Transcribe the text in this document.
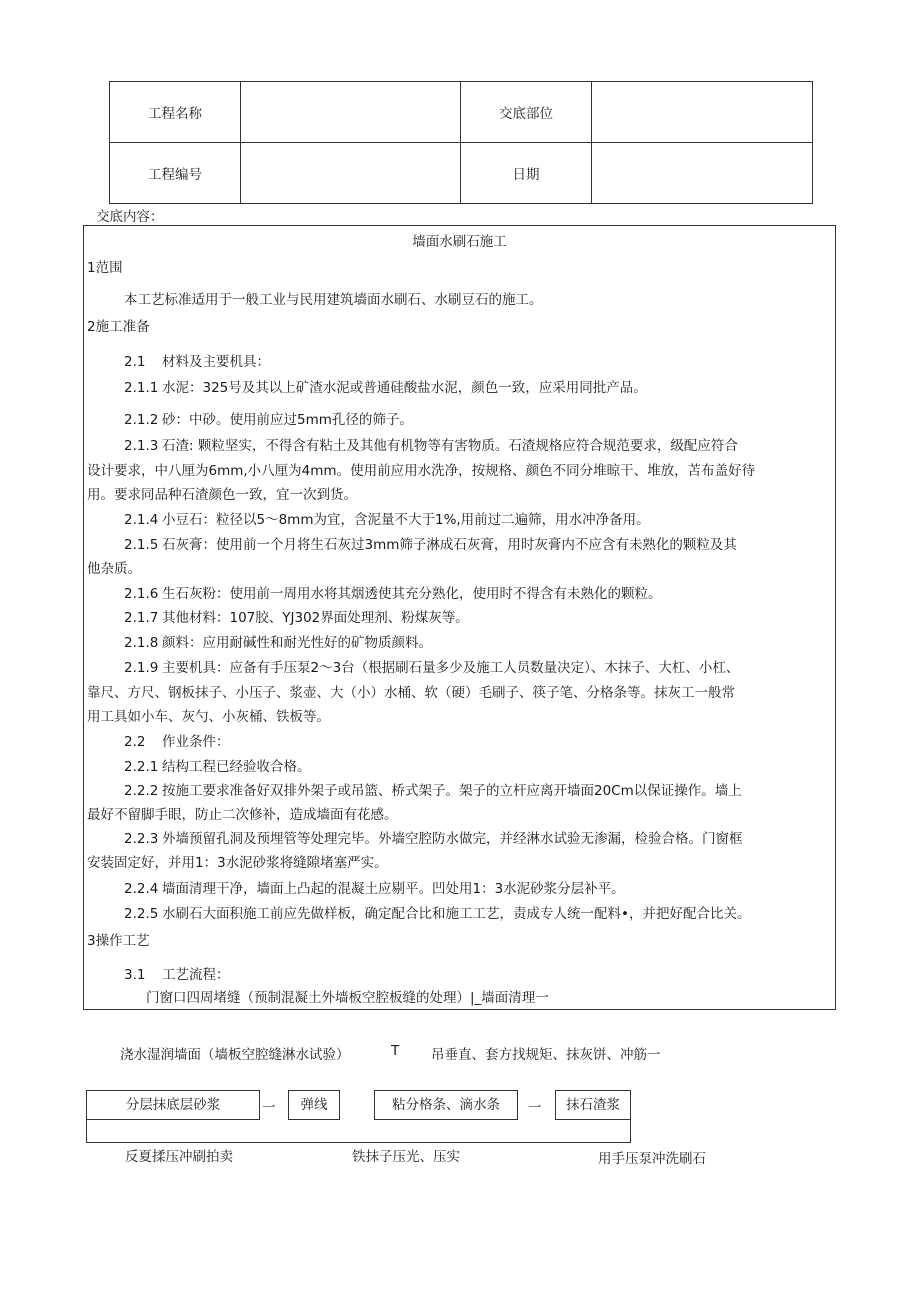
工程名称		交底部位	
工程编号		日期	
交底内容：
墙面水刷石施工
1范围
本工艺标准适用于一般工业与民用建筑墙面水刷石、水刷豆石的施工。
2施工准备
2.1 材料及主要机具：
2.1.1 水泥：325号及其以上矿渣水泥或普通硅酸盐水泥，颜色一致，应采用同批产品。
2.1.2 砂：中砂。使用前应过5mm孔径的筛子。
2.1.3 石渣: 颗粒坚实，不得含有粘土及其他有机物等有害物质。石渣规格应符合规范要求，级配应符合
设计要求，中八厘为6mm,小八厘为4mm。使用前应用水洗净，按规格、颜色不同分堆晾干、堆放，苫布盖好待
用。要求同品种石渣颜色一致，宜一次到货。
2.1.4 小豆石：粒径以5～8mm为宜，含泥量不大于1%,用前过二遍筛，用水冲净备用。
2.1.5 石灰膏：使用前一个月将生石灰过3mm筛子淋成石灰膏，用时灰膏内不应含有未熟化的颗粒及其
他杂质。
2.1.6 生石灰粉：使用前一周用水将其烟透使其充分熟化，使用时不得含有未熟化的颗粒。
2.1.7 其他材料：107胶、YJ302界面处理剂、粉煤灰等。
2.1.8 颜料：应用耐碱性和耐光性好的矿物质颜料。
2.1.9 主要机具：应备有手压泵2～3台（根据刷石量多少及施工人员数量决定）、木抹子、大杠、小杠、
靠尺、方尺、钢板抹子、小压子、浆壶、大（小）水桶、软（硬）毛刷子、筷子笔、分格条等。抹灰工一般常
用工具如小车、灰勺、小灰桶、铁板等。
2.2 作业条件：
2.2.1 结构工程已经验收合格。
2.2.2 按施工要求准备好双排外架子或吊篮、桥式架子。架子的立杆应离开墙面20Cm以保证操作。墙上
最好不留脚手眼，防止二次修补，造成墙面有花感。
2.2.3 外墙预留孔洞及预埋管等处理完毕。外墙空腔防水做完，并经淋水试验无渗漏，检验合格。门窗框
安装固定好，并用1：3水泥砂浆将缝隙堵塞严实。
2.2.4 墙面清理干净，墙面上凸起的混凝土应剔平。凹处用1：3水泥砂浆分层补平。
2.2.5 水刷石大面积施工前应先做样板，确定配合比和施工工艺，责成专人统一配料•，并把好配合比关。
3操作工艺
3.1 工艺流程：
门窗口四周堵缝（预制混凝土外墙板空腔板缝的处理）|_墙面清理一
浇水湿润墙面（墙板空腔缝淋水试验）	T 吊垂直、套方找规矩、抹灰饼、冲筋一
分层抹底层砂浆	一	弹线	粘分格条、滴水条	一	抹石渣浆
反夏揉压冲刷拍卖	铁抹子压光、压实	用手压泵冲洗刷石
